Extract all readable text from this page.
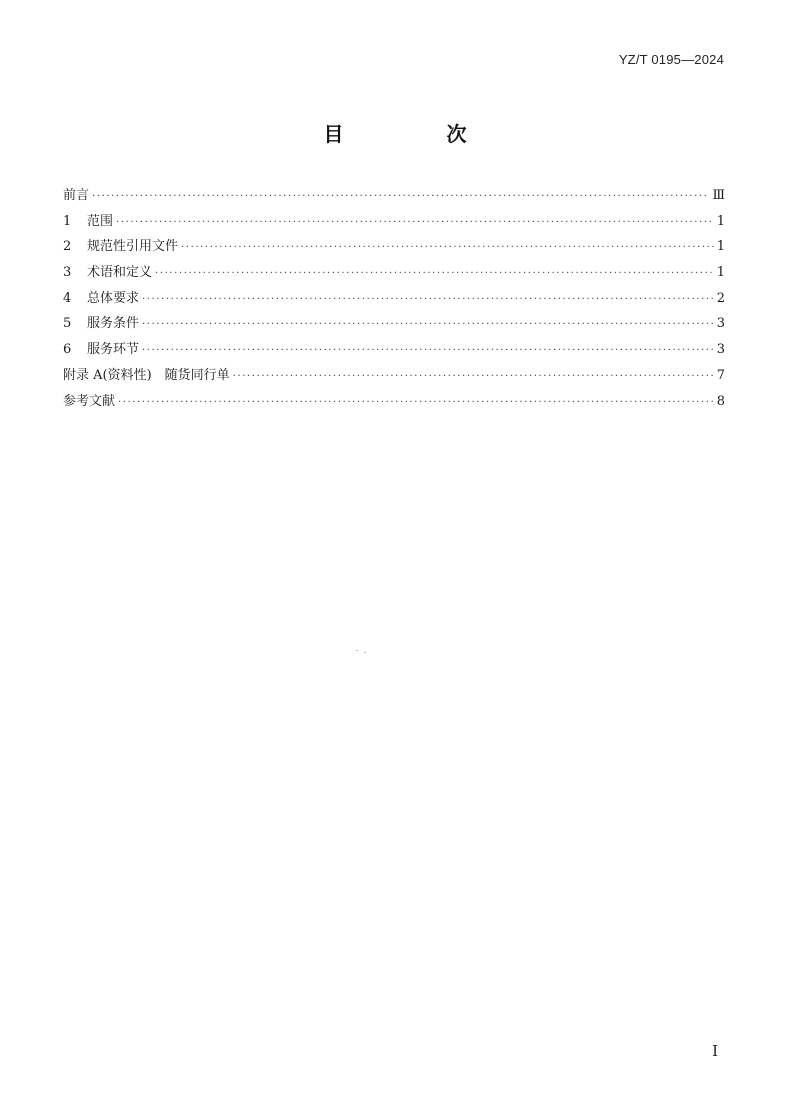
YZ/T 0195—2024
目 次
前言 ·····	Ⅲ
1	范围 ·····	1
2	规范性引用文件 ·····	1
3	术语和定义 ·····	1
4	总体要求 ·····	2
5	服务条件 ·····	3
6	服务环节 ·····	3
附录 A(资料性)　随货同行单 ·····	7
参考文献 ·····	8
I
